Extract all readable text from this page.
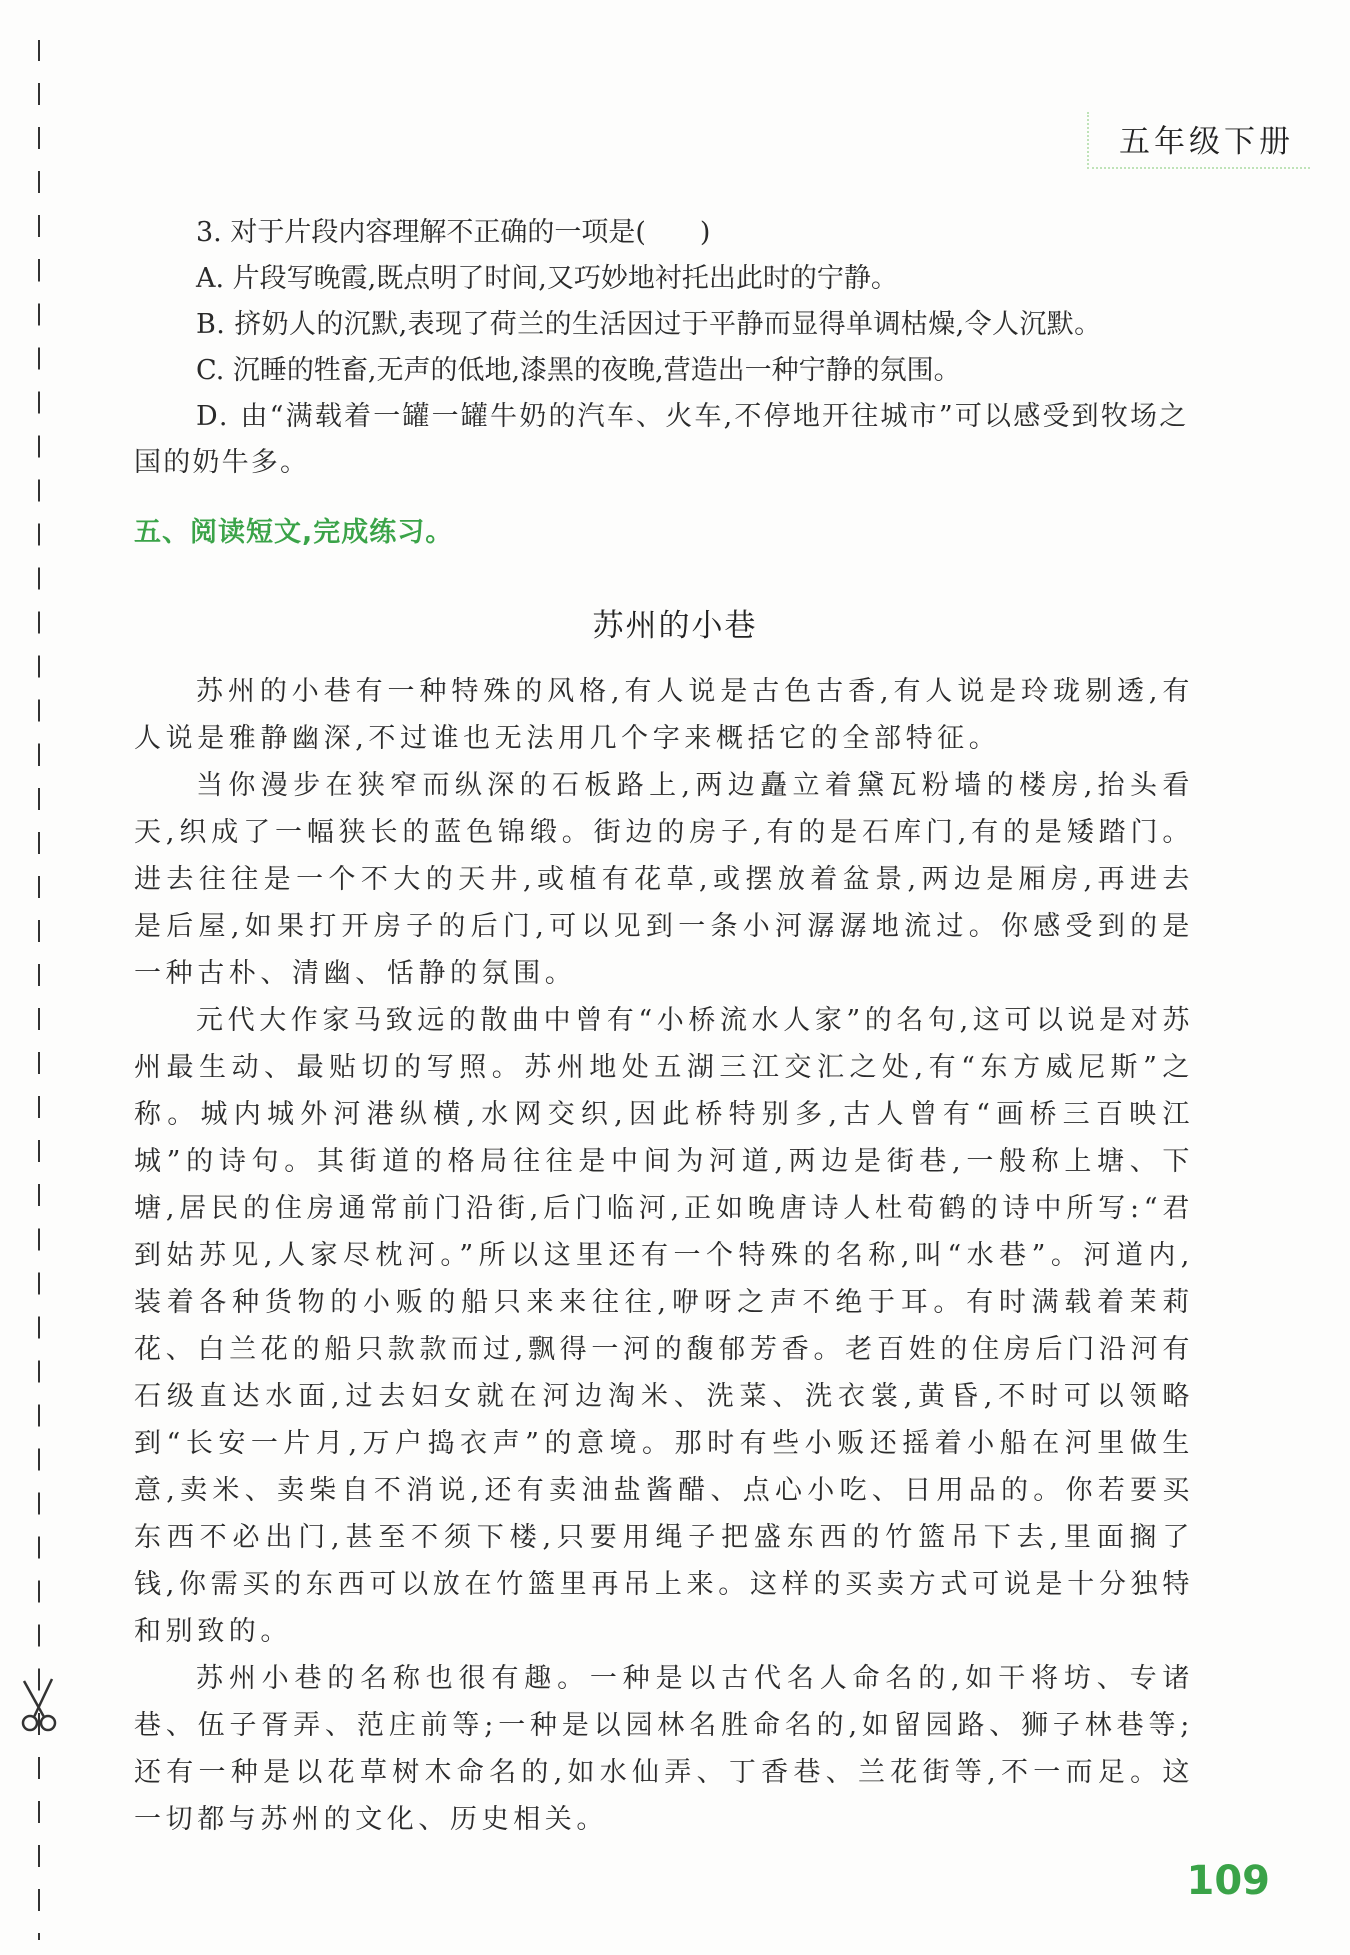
五年级下册

3. 对于片段内容理解不正确的一项是(　　)

A. 片段写晚霞,既点明了时间,又巧妙地衬托出此时的宁静。

B. 挤奶人的沉默,表现了荷兰的生活因过于平静而显得单调枯燥,令人沉默。

C. 沉睡的牲畜,无声的低地,漆黑的夜晚,营造出一种宁静的氛围。

D. 由“满载着一罐一罐牛奶的汽车、火车,不停地开往城市”可以感受到牧场之国的奶牛多。

五、阅读短文,完成练习。
苏州的小巷

苏州的小巷有一种特殊的风格,有人说是古色古香,有人说是玲珑剔透,有人说是雅静幽深,不过谁也无法用几个字来概括它的全部特征。

当你漫步在狭窄而纵深的石板路上,两边矗立着黛瓦粉墙的楼房,抬头看天,织成了一幅狭长的蓝色锦缎。街边的房子,有的是石库门,有的是矮踏门。进去往往是一个不大的天井,或植有花草,或摆放着盆景,两边是厢房,再进去是后屋,如果打开房子的后门,可以见到一条小河潺潺地流过。你感受到的是一种古朴、清幽、恬静的氛围。

元代大作家马致远的散曲中曾有“小桥流水人家”的名句,这可以说是对苏州最生动、最贴切的写照。苏州地处五湖三江交汇之处,有“东方威尼斯”之称。城内城外河港纵横,水网交织,因此桥特别多,古人曾有“画桥三百映江城”的诗句。其街道的格局往往是中间为河道,两边是街巷,一般称上塘、下塘,居民的住房通常前门沿街,后门临河,正如晚唐诗人杜荀鹤的诗中所写:“君到姑苏见,人家尽枕河。”所以这里还有一个特殊的名称,叫“水巷”。河道内,装着各种货物的小贩的船只来来往往,咿呀之声不绝于耳。有时满载着茉莉花、白兰花的船只款款而过,飘得一河的馥郁芳香。老百姓的住房后门沿河有石级直达水面,过去妇女就在河边淘米、洗菜、洗衣裳,黄昏,不时可以领略到“长安一片月,万户捣衣声”的意境。那时有些小贩还摇着小船在河里做生意,卖米、卖柴自不消说,还有卖油盐酱醋、点心小吃、日用品的。你若要买东西不必出门,甚至不须下楼,只要用绳子把盛东西的竹篮吊下去,里面搁了钱,你需买的东西可以放在竹篮里再吊上来。这样的买卖方式可说是十分独特和别致的。

苏州小巷的名称也很有趣。一种是以古代名人命名的,如干将坊、专诸巷、伍子胥弄、范庄前等;一种是以园林名胜命名的,如留园路、狮子林巷等;还有一种是以花草树木命名的,如水仙弄、丁香巷、兰花街等,不一而足。这一切都与苏州的文化、历史相关。

109
